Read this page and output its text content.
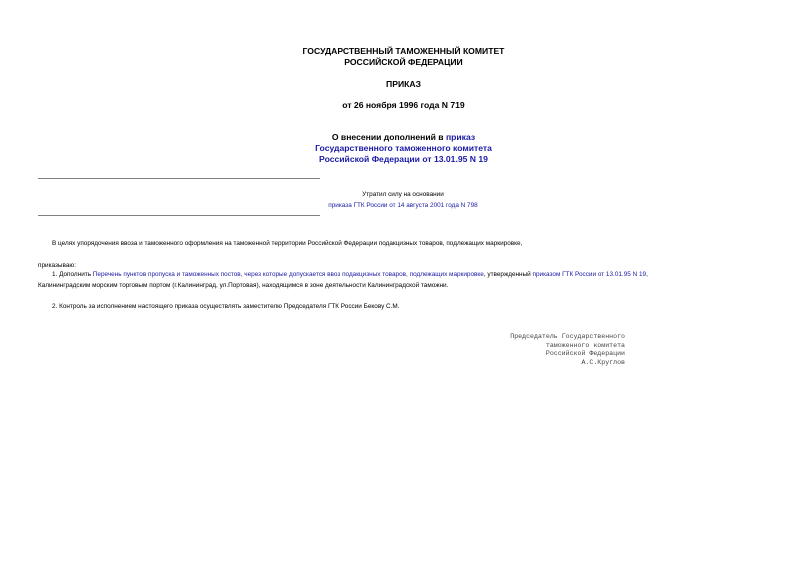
ГОСУДАРСТВЕННЫЙ ТАМОЖЕННЫЙ КОМИТЕТ
РОССИЙСКОЙ ФЕДЕРАЦИИ
ПРИКАЗ
от 26 ноября 1996 года N 719
О внесении дополнений в приказ
Государственного таможенного комитета
Российской Федерации от 13.01.95 N 19
Утратил силу на основании
приказа ГТК России от 14 августа 2001 года N 798
В целях упорядочения ввоза и таможенного оформления на таможенной территории Российской Федерации подакцизных товаров, подлежащих маркировке,
приказываю:
1. Дополнить Перечень пунктов пропуска и таможенных постов, через которые допускается ввоз подакцизных товаров, подлежащих маркировке, утвержденный приказом ГТК России от 13.01.95 N 19,
Калининградским морским торговым портом (г.Калининград, ул.Портовая), находящимся в зоне деятельности Калининградской таможни.
2. Контроль за исполнением настоящего приказа осуществлять заместителю Председателя ГТК России Бекову С.М.
Председатель Государственного
таможенного комитета
Российской Федерации
А.С.Круглов
